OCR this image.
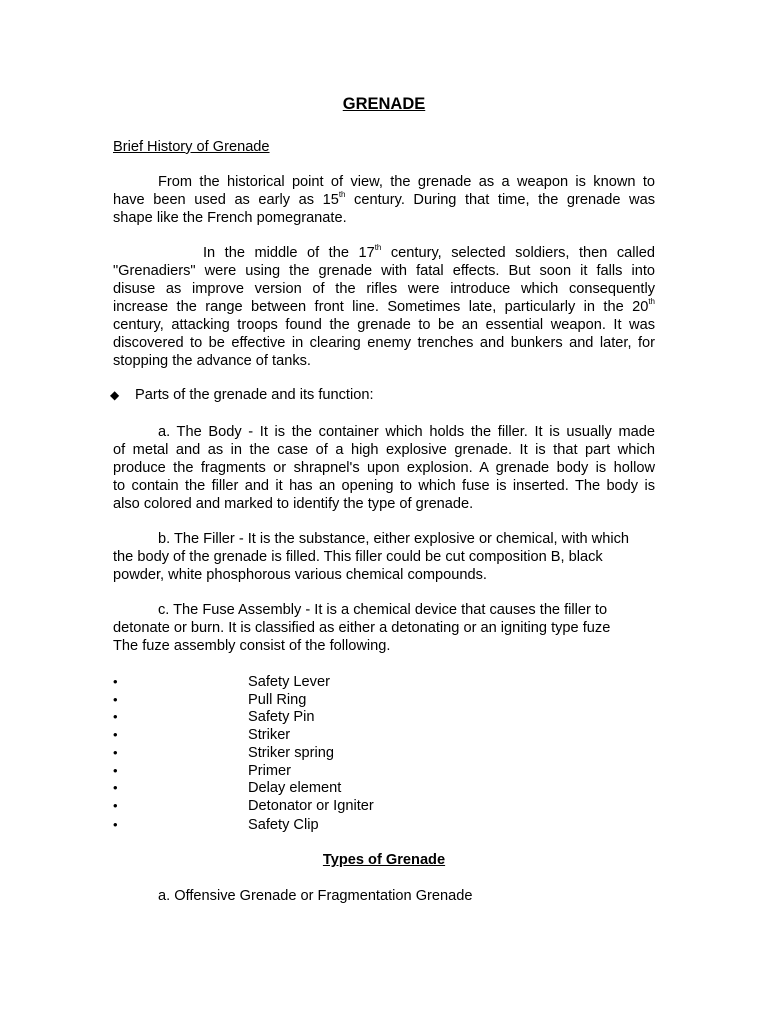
GRENADE
Brief History of Grenade
From the historical point of view, the grenade as a weapon is known to
have been used as early as 15th century. During that time, the grenade was
shape like the French pomegranate.
In the middle of the 17th century, selected soldiers, then called
"Grenadiers" were using the grenade with fatal effects. But soon it falls into
disuse as improve version of the rifles were introduce which consequently
increase the range between front line. Sometimes late, particularly in the 20th
century, attacking troops found the grenade to be an essential weapon. It was
discovered to be effective in clearing enemy trenches and bunkers and later, for
stopping the advance of tanks.
◆ Parts of the grenade and its function:
a. The Body - It is the container which holds the filler. It is usually made
of metal and as in the case of a high explosive grenade. It is that part which
produce the fragments or shrapnel's upon explosion. A grenade body is hollow
to contain the filler and it has an opening to which fuse is inserted. The body is
also colored and marked to identify the type of grenade.
b. The Filler - It is the substance, either explosive or chemical, with which
the body of the grenade is filled. This filler could be cut composition B, black
powder, white phosphorous various chemical compounds.
c. The Fuse Assembly - It is a chemical device that causes the filler to
detonate or burn. It is classified as either a detonating or an igniting type fuze
The fuze assembly consist of the following.
•	Safety Lever
•	Pull Ring
•	Safety Pin
•	Striker
•	Striker spring
•	Primer
•	Delay element
•	Detonator or Igniter
•	Safety Clip
Types of Grenade
a. Offensive Grenade or Fragmentation Grenade
